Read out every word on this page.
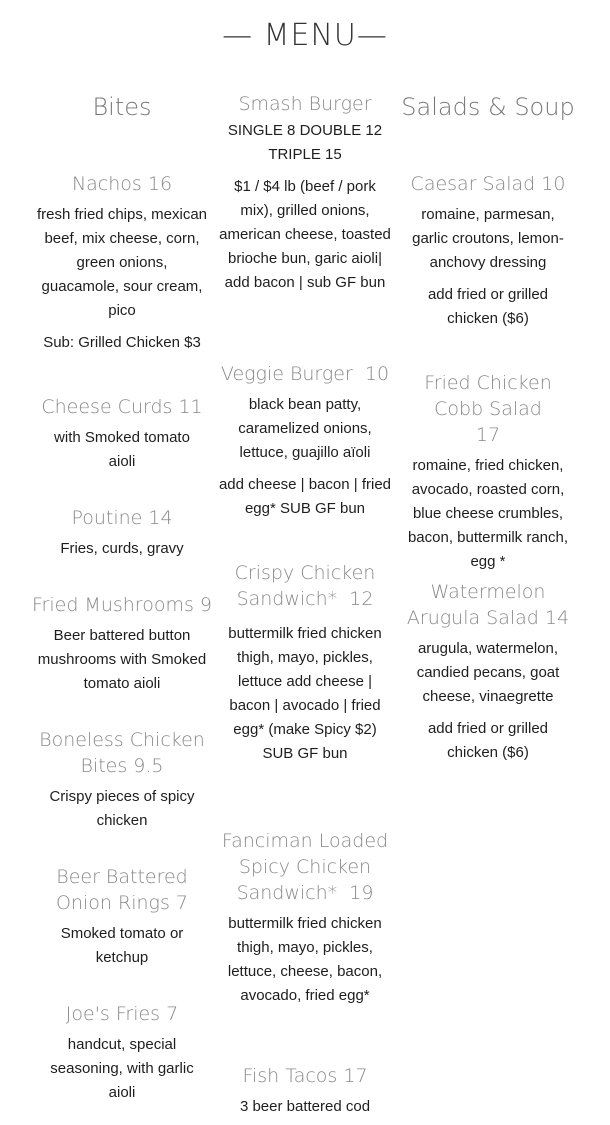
— MENU—
Bites

Nachos 16

fresh fried chips, mexican beef, mix cheese, corn, green onions, guacamole, sour cream, pico

Sub: Grilled Chicken $3

Cheese Curds 11

with Smoked tomato aioli

Poutine 14

Fries, curds, gravy

Fried Mushrooms 9

Beer battered button mushrooms with Smoked tomato aioli

Boneless Chicken Bites 9.5

Crispy pieces of spicy chicken

Beer Battered Onion Rings 7

Smoked tomato or ketchup

Joe's Fries 7

handcut, special seasoning, with garlic aioli

Smash Burger

SINGLE 8 DOUBLE 12 TRIPLE 15

$1 / $4 lb (beef / pork mix), grilled onions, american cheese, toasted brioche bun, garic aioli| add bacon | sub GF bun

Veggie Burger  10

black bean patty, caramelized onions, lettuce, guajillo aïoli

add cheese | bacon | fried egg* SUB GF bun

Crispy Chicken Sandwich*  12

buttermilk fried chicken thigh, mayo, pickles, lettuce add cheese | bacon | avocado | fried egg* (make Spicy $2) SUB GF bun

Fanciman Loaded Spicy Chicken Sandwich*  19

buttermilk fried chicken thigh, mayo, pickles, lettuce, cheese, bacon, avocado, fried egg*

Fish Tacos 17

3 beer battered cod

Salads & Soup

Caesar Salad 10

romaine, parmesan, garlic croutons, lemon-anchovy dressing

add fried or grilled chicken ($6)

Fried Chicken Cobb Salad 17

romaine, fried chicken, avocado, roasted corn, blue cheese crumbles, bacon, buttermilk ranch, egg *

Watermelon Arugula Salad 14

arugula, watermelon, candied pecans, goat cheese, vinaegrette

add fried or grilled chicken ($6)
